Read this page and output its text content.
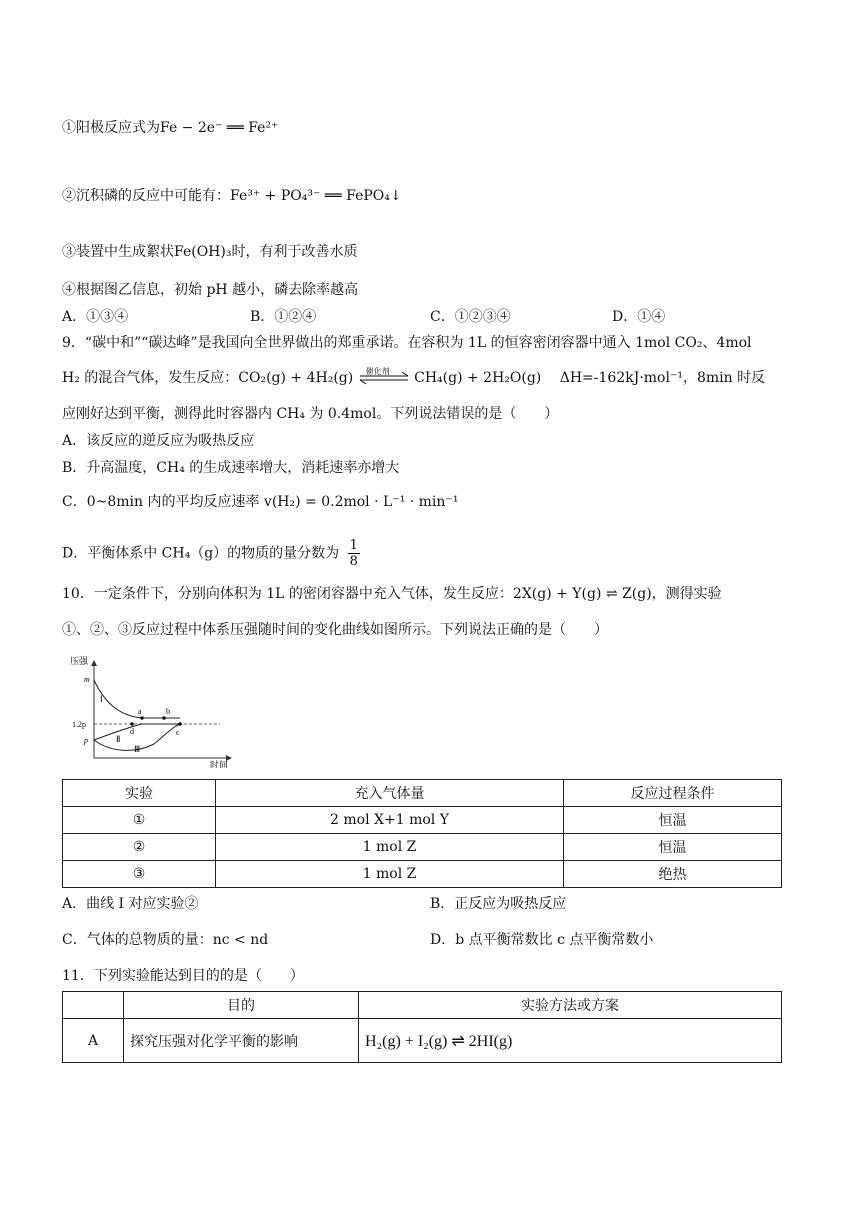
①阳极反应式为Fe − 2e⁻ ══ Fe²⁺
②沉积磷的反应中可能有：Fe³⁺ + PO₄³⁻ ══ FePO₄↓
③装置中生成絮状Fe(OH)₃时，有利于改善水质
④根据图乙信息，初始 pH 越小，磷去除率越高
A．①③④	B．①②④	C．①②③④	D．①④
9．“碳中和”“碳达峰”是我国向全世界做出的郑重承诺。在容积为 1L 的恒容密闭容器中通入 1mol CO₂、4mol
H₂ 的混合气体，发生反应：CO₂(g) + 4H₂(g) 催化剂 CH₄(g) + 2H₂O(g) ΔH=-162kJ·mol⁻¹，8min 时反
应刚好达到平衡，测得此时容器内 CH₄ 为 0.4mol。下列说法错误的是（　　）
A．该反应的逆反应为吸热反应
B．升高温度，CH₄ 的生成速率增大，消耗速率亦增大
C．0~8min 内的平均反应速率 v(H₂) = 0.2mol · L⁻¹ · min⁻¹
D．平衡体系中 CH₄（g）的物质的量分数为 $\frac{1}{8}$
10．一定条件下，分别向体积为 1L 的密闭容器中充入气体，发生反应：2X(g) + Y(g) ⇌ Z(g)，测得实验
①、②、③反应过程中体系压强随时间的变化曲线如图所示。下列说法正确的是（　　）
压强
时间
m
1.2p
p
Ⅰ
Ⅱ
Ⅲ
a	b
c
d
实验	充入气体量	反应过程条件
①	2 mol X+1 mol Y	恒温
②	1 mol Z	恒温
③	1 mol Z	绝热
A．曲线 I 对应实验②	B．正反应为吸热反应
C．气体的总物质的量：nc < nd	D．b 点平衡常数比 c 点平衡常数小
11．下列实验能达到目的的是（　　）
	目的	实验方法或方案
A	探究压强对化学平衡的影响	H₂(g) + I₂(g) ⇌ 2HI(g)
